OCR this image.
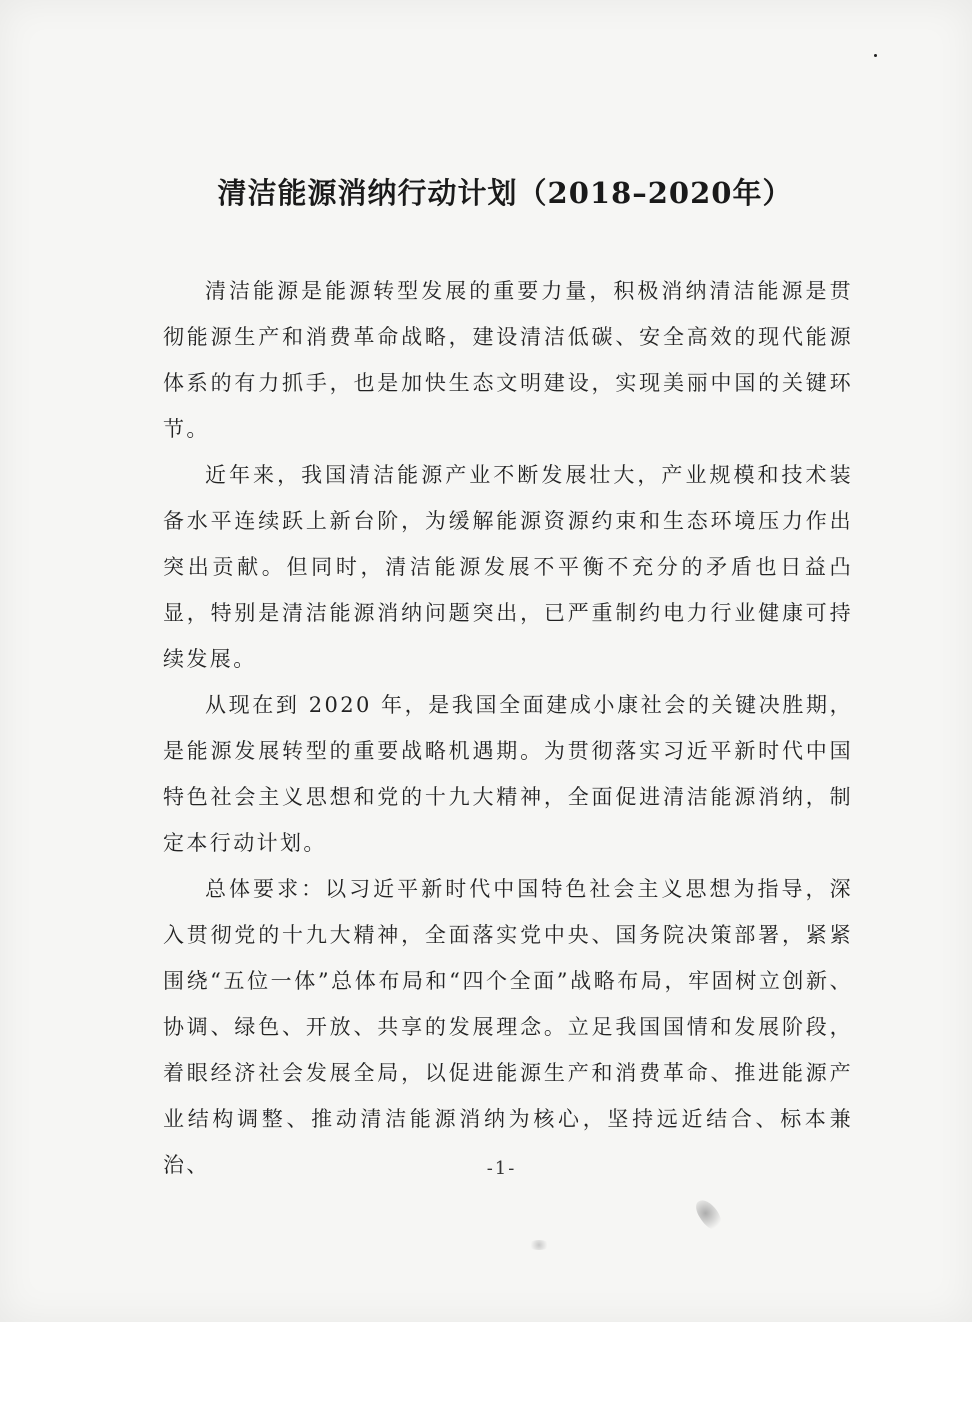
清洁能源消纳行动计划（2018–2020年）

清洁能源是能源转型发展的重要力量，积极消纳清洁能源是贯彻能源生产和消费革命战略，建设清洁低碳、安全高效的现代能源体系的有力抓手，也是加快生态文明建设，实现美丽中国的关键环节。

近年来，我国清洁能源产业不断发展壮大，产业规模和技术装备水平连续跃上新台阶，为缓解能源资源约束和生态环境压力作出突出贡献。但同时，清洁能源发展不平衡不充分的矛盾也日益凸显，特别是清洁能源消纳问题突出，已严重制约电力行业健康可持续发展。

从现在到 2020 年，是我国全面建成小康社会的关键决胜期，是能源发展转型的重要战略机遇期。为贯彻落实习近平新时代中国特色社会主义思想和党的十九大精神，全面促进清洁能源消纳，制定本行动计划。

总体要求：以习近平新时代中国特色社会主义思想为指导，深入贯彻党的十九大精神，全面落实党中央、国务院决策部署，紧紧围绕“五位一体”总体布局和“四个全面”战略布局，牢固树立创新、协调、绿色、开放、共享的发展理念。立足我国国情和发展阶段，着眼经济社会发展全局，以促进能源生产和消费革命、推进能源产业结构调整、推动清洁能源消纳为核心，坚持远近结合、标本兼治、	-1-
